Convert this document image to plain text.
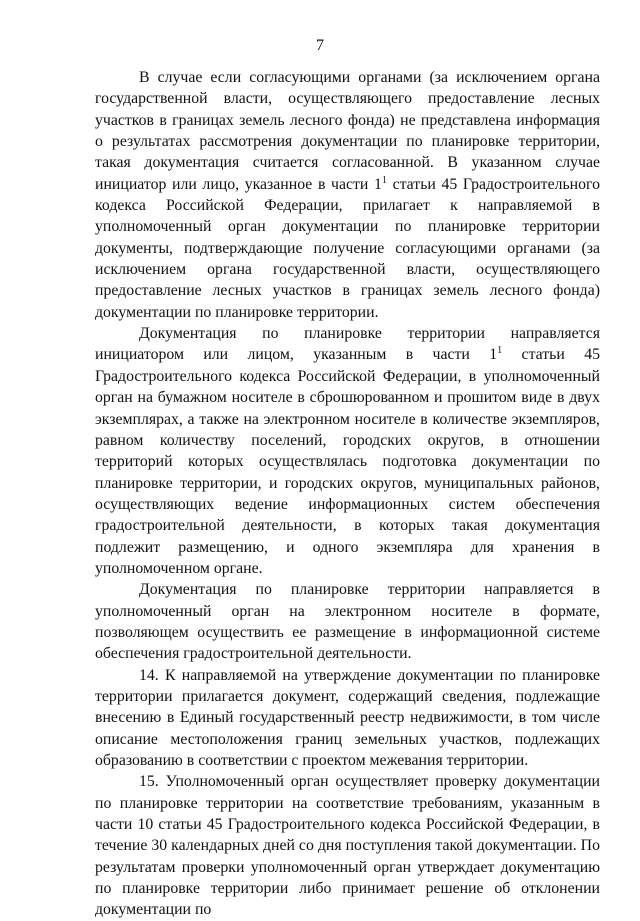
7

В случае если согласующими органами (за исключением органа государственной власти, осуществляющего предоставление лесных участков в границах земель лесного фонда) не представлена информация о результатах рассмотрения документации по планировке территории, такая документация считается согласованной. В указанном случае инициатор или лицо, указанное в части $1^1$ статьи 45 Градостроительного кодекса Российской Федерации, прилагает к направляемой в уполномоченный орган документации по планировке территории документы, подтверждающие получение согласующими органами (за исключением органа государственной власти, осуществляющего предоставление лесных участков в границах земель лесного фонда) документации по планировке территории.

Документация по планировке территории направляется инициатором или лицом, указанным в части $1^1$ статьи 45 Градостроительного кодекса Российской Федерации, в уполномоченный орган на бумажном носителе в сброшюрованном и прошитом виде в двух экземплярах, а также на электронном носителе в количестве экземпляров, равном количеству поселений, городских округов, в отношении территорий которых осуществлялась подготовка документации по планировке территории, и городских округов, муниципальных районов, осуществляющих ведение информационных систем обеспечения градостроительной деятельности, в которых такая документация подлежит размещению, и одного экземпляра для хранения в уполномоченном органе.

Документация по планировке территории направляется в уполномоченный орган на электронном носителе в формате, позволяющем осуществить ее размещение в информационной системе обеспечения градостроительной деятельности.

14. К направляемой на утверждение документации по планировке территории прилагается документ, содержащий сведения, подлежащие внесению в Единый государственный реестр недвижимости, в том числе описание местоположения границ земельных участков, подлежащих образованию в соответствии с проектом межевания территории.

15. Уполномоченный орган осуществляет проверку документации по планировке территории на соответствие требованиям, указанным в части 10 статьи 45 Градостроительного кодекса Российской Федерации, в течение 30 календарных дней со дня поступления такой документации. По результатам проверки уполномоченный орган утверждает документацию по планировке территории либо принимает решение об отклонении документации по
